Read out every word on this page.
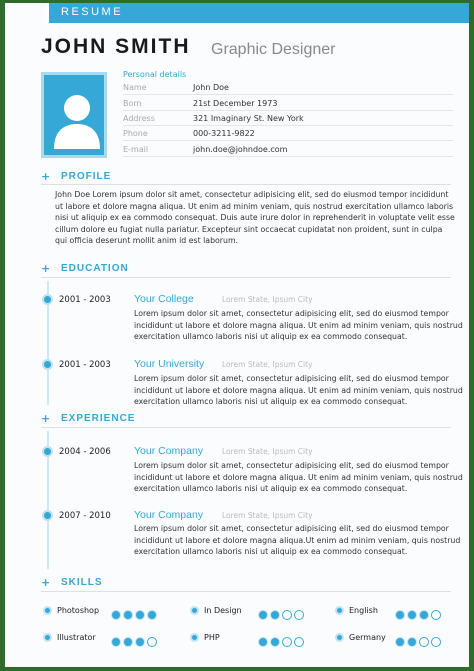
RESUME
JOHN SMITH Graphic Designer
Personal details
Name	John Doe
Born	21st December 1973
Address	321 Imaginary St. New York
Phone	000-3211-9822
E-mail	john.doe@johndoe.com
+ PROFILE
John Doe Lorem ipsum dolor sit amet, consectetur adipisicing elit, sed do eiusmod tempor incididunt ut labore et dolore magna aliqua. Ut enim ad minim veniam, quis nostrud exercitation ullamco laboris nisi ut aliquip ex ea commodo consequat. Duis aute irure dolor in reprehenderit in voluptate velit esse cillum dolore eu fugiat nulla pariatur. Excepteur sint occaecat cupidatat non proident, sunt in culpa qui officia deserunt mollit anim id est laborum.
+ EDUCATION
2001 - 2003 Your College	Lorem State, Ipsum City
Lorem ipsum dolor sit amet, consectetur adipisicing elit, sed do eiusmod tempor incididunt ut labore et dolore magna aliqua. Ut enim ad minim veniam, quis nostrud exercitation ullamco laboris nisi ut aliquip ex ea commodo consequat.
2001 - 2003 Your University Lorem State, Ipsum City
Lorem ipsum dolor sit amet, consectetur adipisicing elit, sed do eiusmod tempor incididunt ut labore et dolore magna aliqua. Ut enim ad minim veniam, quis nostrud exercitation ullamco laboris nisi ut aliquip ex ea commodo consequat.
+ EXPERIENCE
2004 - 2006 Your Company	Lorem State, Ipsum City
Lorem ipsum dolor sit amet, consectetur adipisicing elit, sed do eiusmod tempor incididunt ut labore et dolore magna aliqua. Ut enim ad minim veniam, quis nostrud exercitation ullamco laboris nisi ut aliquip ex ea commodo consequat.
2007 - 2010 Your Company	Lorem State, Ipsum City
Lorem ipsum dolor sit amet, consectetur adipisicing elit, sed do eiusmod tempor incididunt ut labore et dolore magna aliqua.Ut enim ad minim veniam, quis nostrud exercitation ullamco laboris nisi ut aliquip ex ea commodo consequat.
+ SKILLS
Photoshop	In Design	English
Illustrator	PHP	Germany
